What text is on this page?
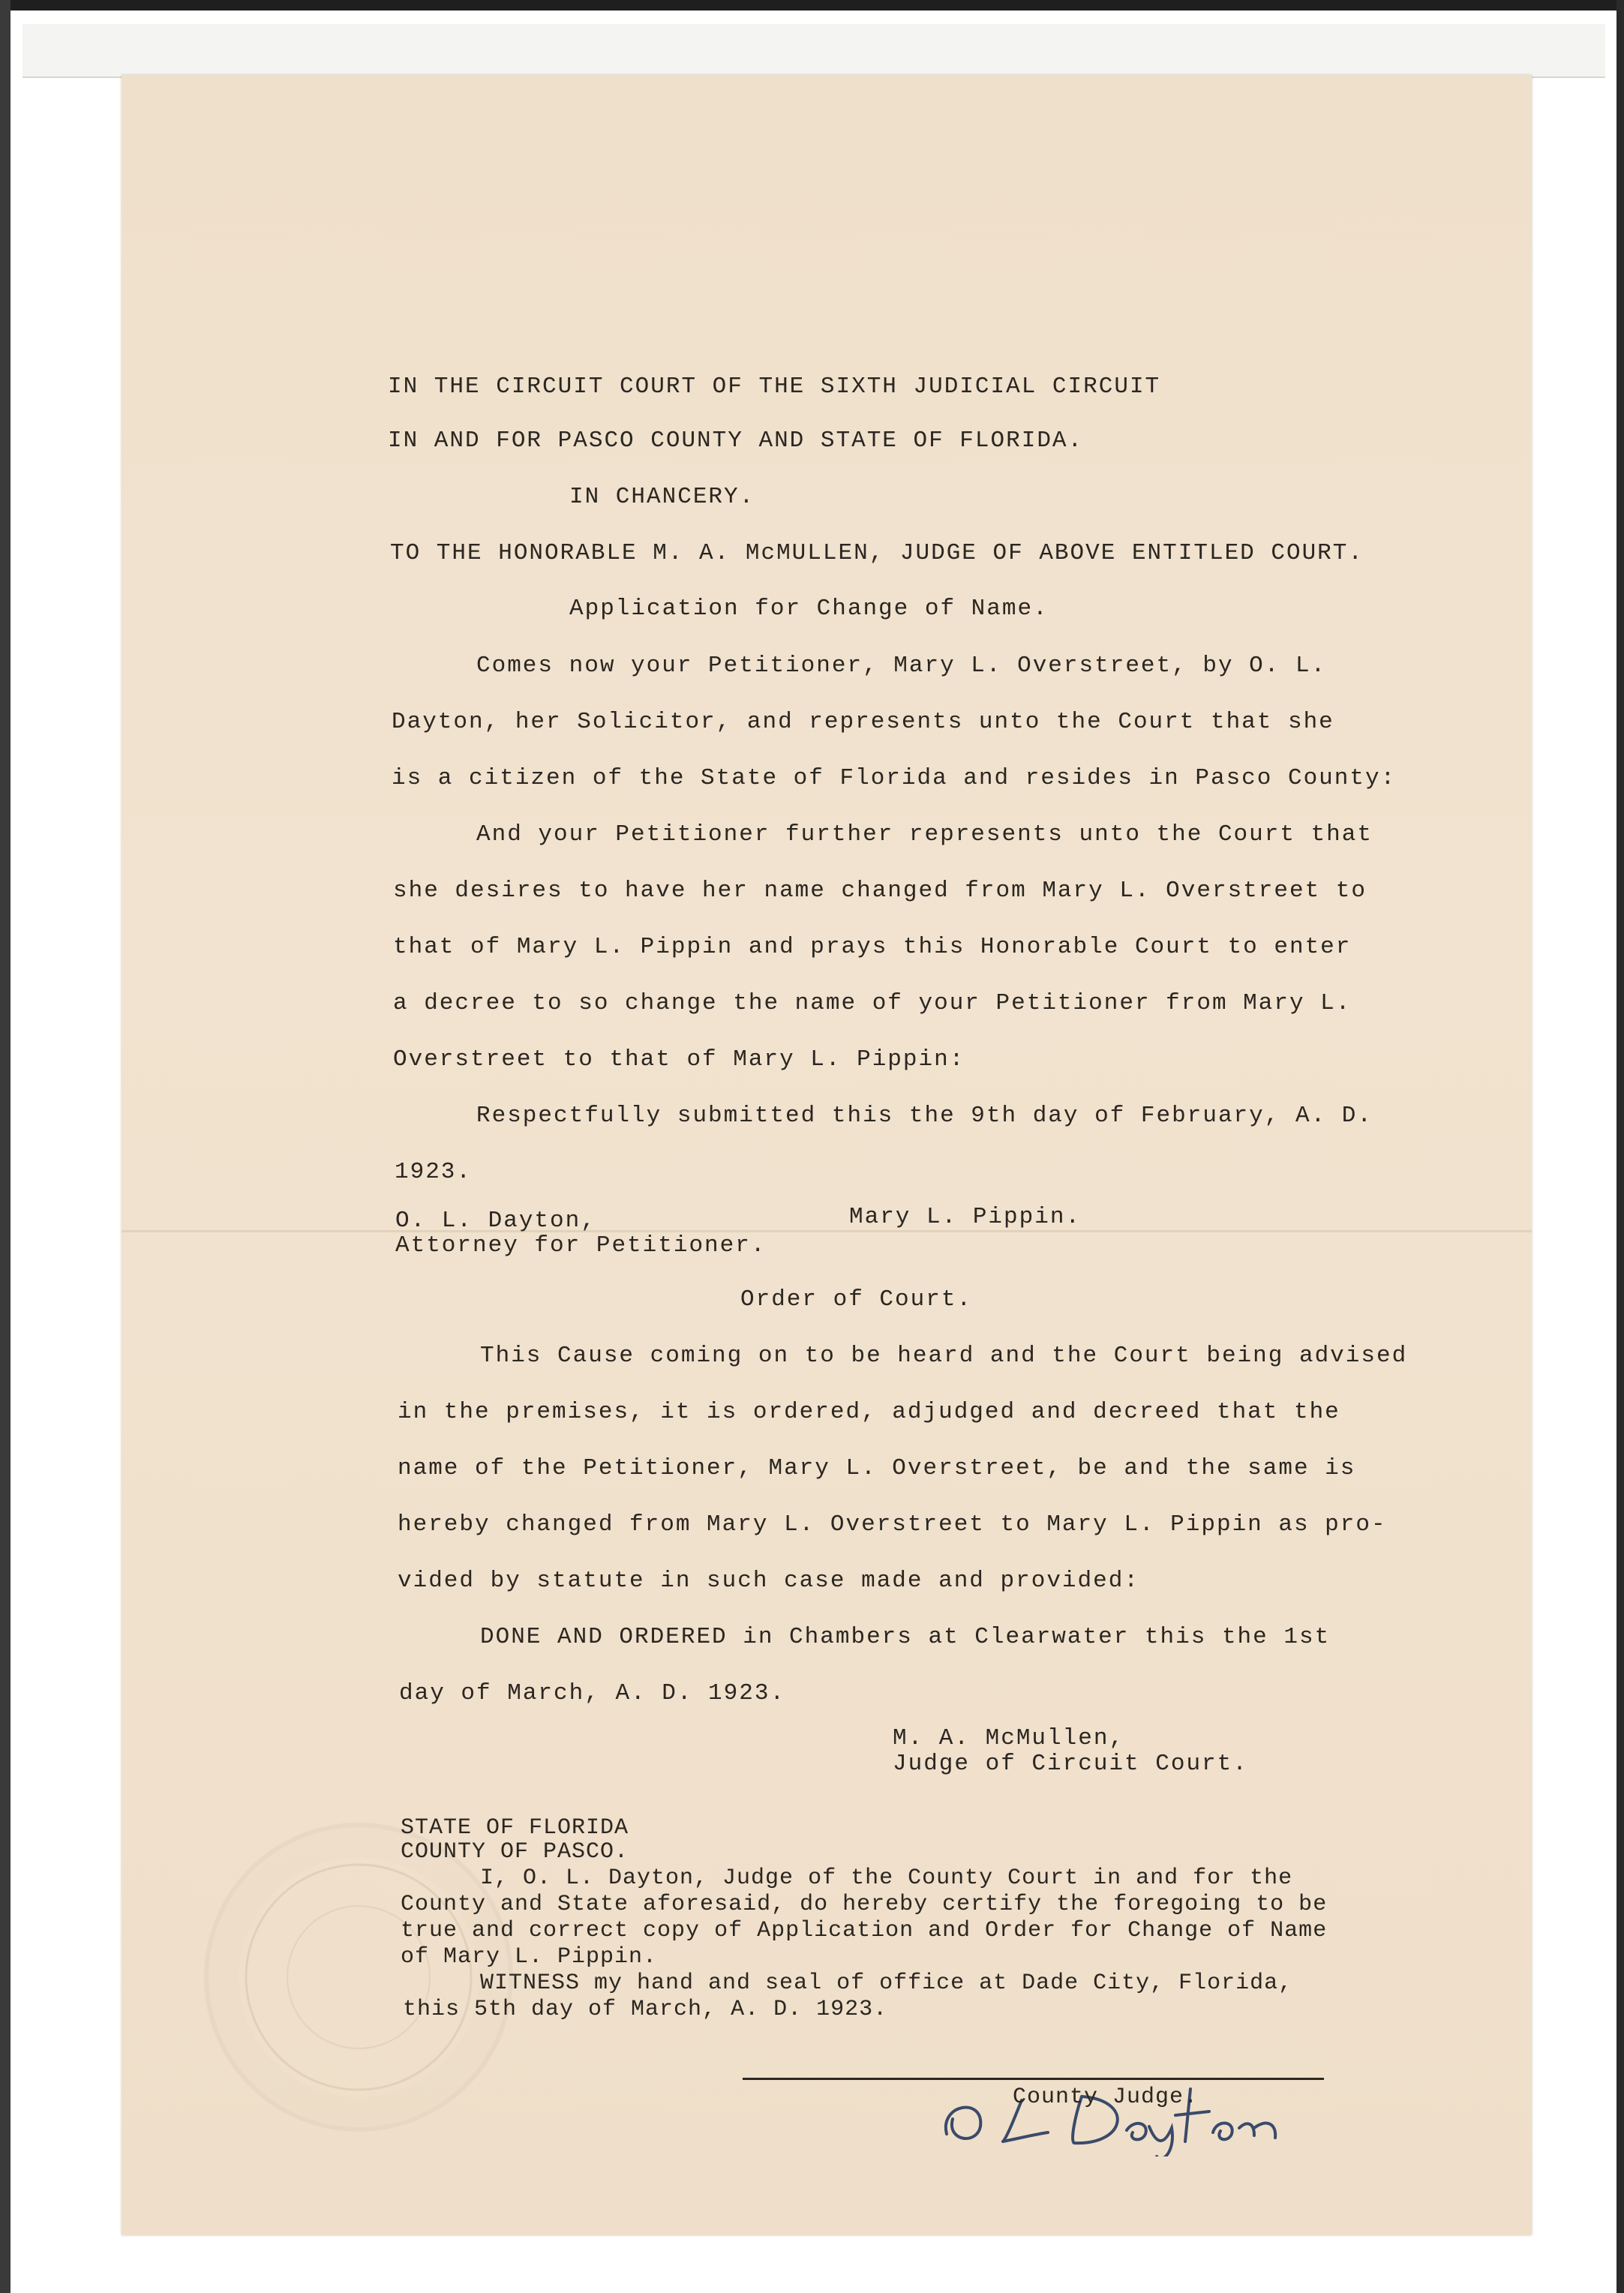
IN THE CIRCUIT COURT OF THE SIXTH JUDICIAL CIRCUIT

IN AND FOR PASCO COUNTY AND STATE OF FLORIDA.

IN CHANCERY.

TO THE HONORABLE M. A. McMULLEN, JUDGE OF ABOVE ENTITLED COURT.

Application for Change of Name.

Comes now your Petitioner, Mary L. Overstreet, by O. L.

Dayton, her Solicitor, and represents unto the Court that she

is a citizen of the State of Florida and resides in Pasco County:

And your Petitioner further represents unto the Court that

she desires to have her name changed from Mary L. Overstreet to

that of Mary L. Pippin and prays this Honorable Court to enter

a decree to so change the name of your Petitioner from Mary L.

Overstreet to that of Mary L. Pippin:

Respectfully submitted this the 9th day of February, A. D.

1923.

O. L. Dayton,

Attorney for Petitioner.

Mary L. Pippin.

Order of Court.

This Cause coming on to be heard and the Court being advised

in the premises, it is ordered, adjudged and decreed that the

name of the Petitioner, Mary L. Overstreet, be and the same is

hereby changed from Mary L. Overstreet to Mary L. Pippin as pro-

vided by statute in such case made and provided:

DONE AND ORDERED in Chambers at Clearwater this the 1st

day of March, A. D. 1923.

M. A. McMullen,

Judge of Circuit Court.

STATE OF FLORIDA

COUNTY OF PASCO.

I, O. L. Dayton, Judge of the County Court in and for the

County and State aforesaid, do hereby certify the foregoing to be

true and correct copy of Application and Order for Change of Name

of Mary L. Pippin.

WITNESS my hand and seal of office at Dade City, Florida,

this 5th day of March, A. D. 1923.

County Judge.
